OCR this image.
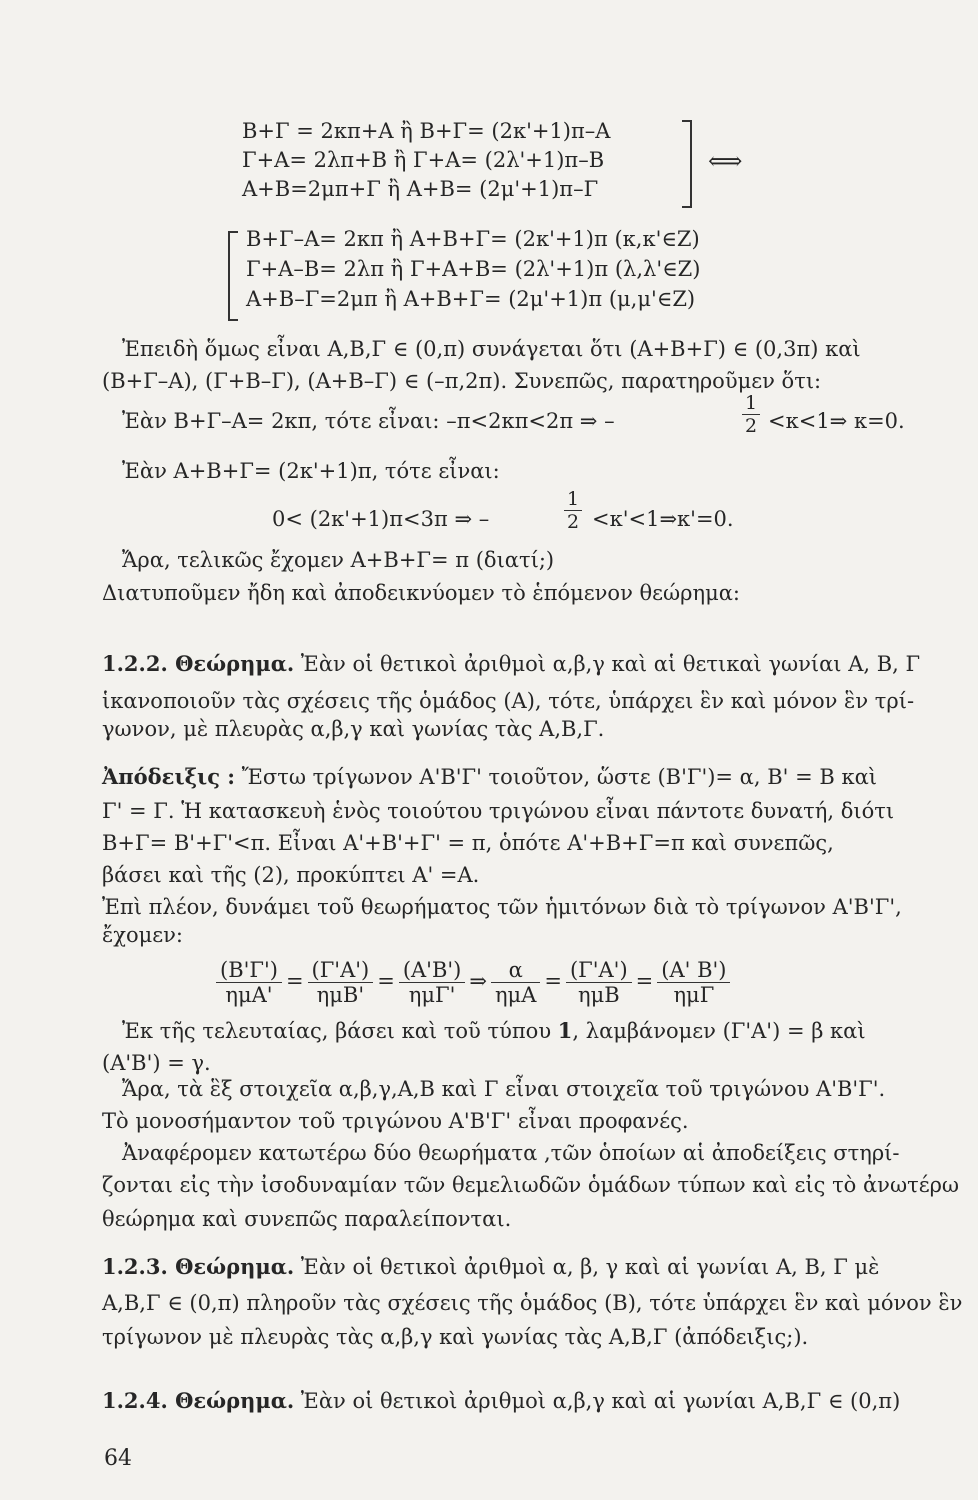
Β+Γ = 2κπ+Α ἢ Β+Γ= (2κ'+1)π–Α
Γ+Α= 2λπ+Β ἢ Γ+Α= (2λ'+1)π–Β
Α+Β=2μπ+Γ ἢ Α+Β= (2μ'+1)π–Γ
⟺
Β+Γ–Α= 2κπ ἢ Α+Β+Γ= (2κ'+1)π (κ,κ'∈Ζ)
Γ+Α–Β= 2λπ ἢ Γ+Α+Β= (2λ'+1)π (λ,λ'∈Ζ)
Α+Β–Γ=2μπ ἢ Α+Β+Γ= (2μ'+1)π (μ,μ'∈Ζ)
Ἐπειδὴ ὅμως εἶναι Α,Β,Γ ∈ (0,π) συνάγεται ὅτι (Α+Β+Γ) ∈ (0,3π) καὶ
(Β+Γ–Α), (Γ+Β–Γ), (Α+Β–Γ) ∈ (–π,2π). Συνεπῶς, παρατηροῦμεν ὅτι:
Ἐὰν Β+Γ–Α= 2κπ, τότε εἶναι: –π<2κπ<2π ⇒ –	$\frac{1}{2}$ <κ<1⇒ κ=0.
Ἐὰν Α+Β+Γ= (2κ'+1)π, τότε εἶναι:
0< (2κ'+1)π<3π ⇒ –	$\frac{1}{2}$ <κ'<1⇒κ'=0.
Ἄρα, τελικῶς ἔχομεν Α+Β+Γ= π (διατί;)
Διατυποῦμεν ἤδη καὶ ἀποδεικνύομεν τὸ ἑπόμενον θεώρημα:
1.2.2. Θεώρημα. Ἐὰν οἱ θετικοὶ ἀριθμοὶ α,β,γ καὶ αἱ θετικαὶ γωνίαι Α, Β, Γ
ἱκανοποιοῦν τὰς σχέσεις τῆς ὁμάδος (Α), τότε, ὑπάρχει ἓν καὶ μόνον ἓν τρί-
γωνον, μὲ πλευρὰς α,β,γ καὶ γωνίας τὰς Α,Β,Γ.
Ἀπόδειξις : Ἔστω τρίγωνον Α'Β'Γ' τοιοῦτον, ὥστε (Β'Γ')= α, Β' = Β καὶ
Γ' = Γ. Ἡ κατασκευὴ ἑνὸς τοιούτου τριγώνου εἶναι πάντοτε δυνατή, διότι
Β+Γ= Β'+Γ'<π. Εἶναι Α'+Β'+Γ' = π, ὁπότε Α'+Β+Γ=π καὶ συνεπῶς,
βάσει καὶ τῆς (2), προκύπτει Α' =Α.
Ἐπὶ πλέον, δυνάμει τοῦ θεωρήματος τῶν ἡμιτόνων διὰ τὸ τρίγωνον Α'Β'Γ',
ἔχομεν:
$\frac{(B'\Gamma')}{\text{ημΑ'}} = \frac{(\Gamma'A')}{\text{ημΒ'}} = \frac{(A'B')}{\text{ημΓ'}}$ ⇒ $\frac{\alpha}{\text{ημΑ}} = \frac{(\Gamma'A')}{\text{ημΒ}} = \frac{(A' B')}{\text{ημΓ}}$
Ἐκ τῆς τελευταίας, βάσει καὶ τοῦ τύπου 1, λαμβάνομεν (Γ'Α') = β καὶ
(Α'Β') = γ.
Ἄρα, τὰ ἓξ στοιχεῖα α,β,γ,Α,Β καὶ Γ εἶναι στοιχεῖα τοῦ τριγώνου Α'Β'Γ'.
Τὸ μονοσήμαντον τοῦ τριγώνου Α'Β'Γ' εἶναι προφανές.
Ἀναφέρομεν κατωτέρω δύο θεωρήματα ,τῶν ὁποίων αἱ ἀποδείξεις στηρί-
ζονται εἰς τὴν ἰσοδυναμίαν τῶν θεμελιωδῶν ὁμάδων τύπων καὶ εἰς τὸ ἀνωτέρω
θεώρημα καὶ συνεπῶς παραλείπονται.
1.2.3. Θεώρημα. Ἐὰν οἱ θετικοὶ ἀριθμοὶ α, β, γ καὶ αἱ γωνίαι Α, Β, Γ μὲ
Α,Β,Γ ∈ (0,π) πληροῦν τὰς σχέσεις τῆς ὁμάδος (Β), τότε ὑπάρχει ἓν καὶ μόνον ἓν
τρίγωνον μὲ πλευρὰς τὰς α,β,γ καὶ γωνίας τὰς Α,Β,Γ (ἀπόδειξις;).
1.2.4. Θεώρημα. Ἐὰν οἱ θετικοὶ ἀριθμοὶ α,β,γ καὶ αἱ γωνίαι Α,Β,Γ ∈ (0,π)
64
